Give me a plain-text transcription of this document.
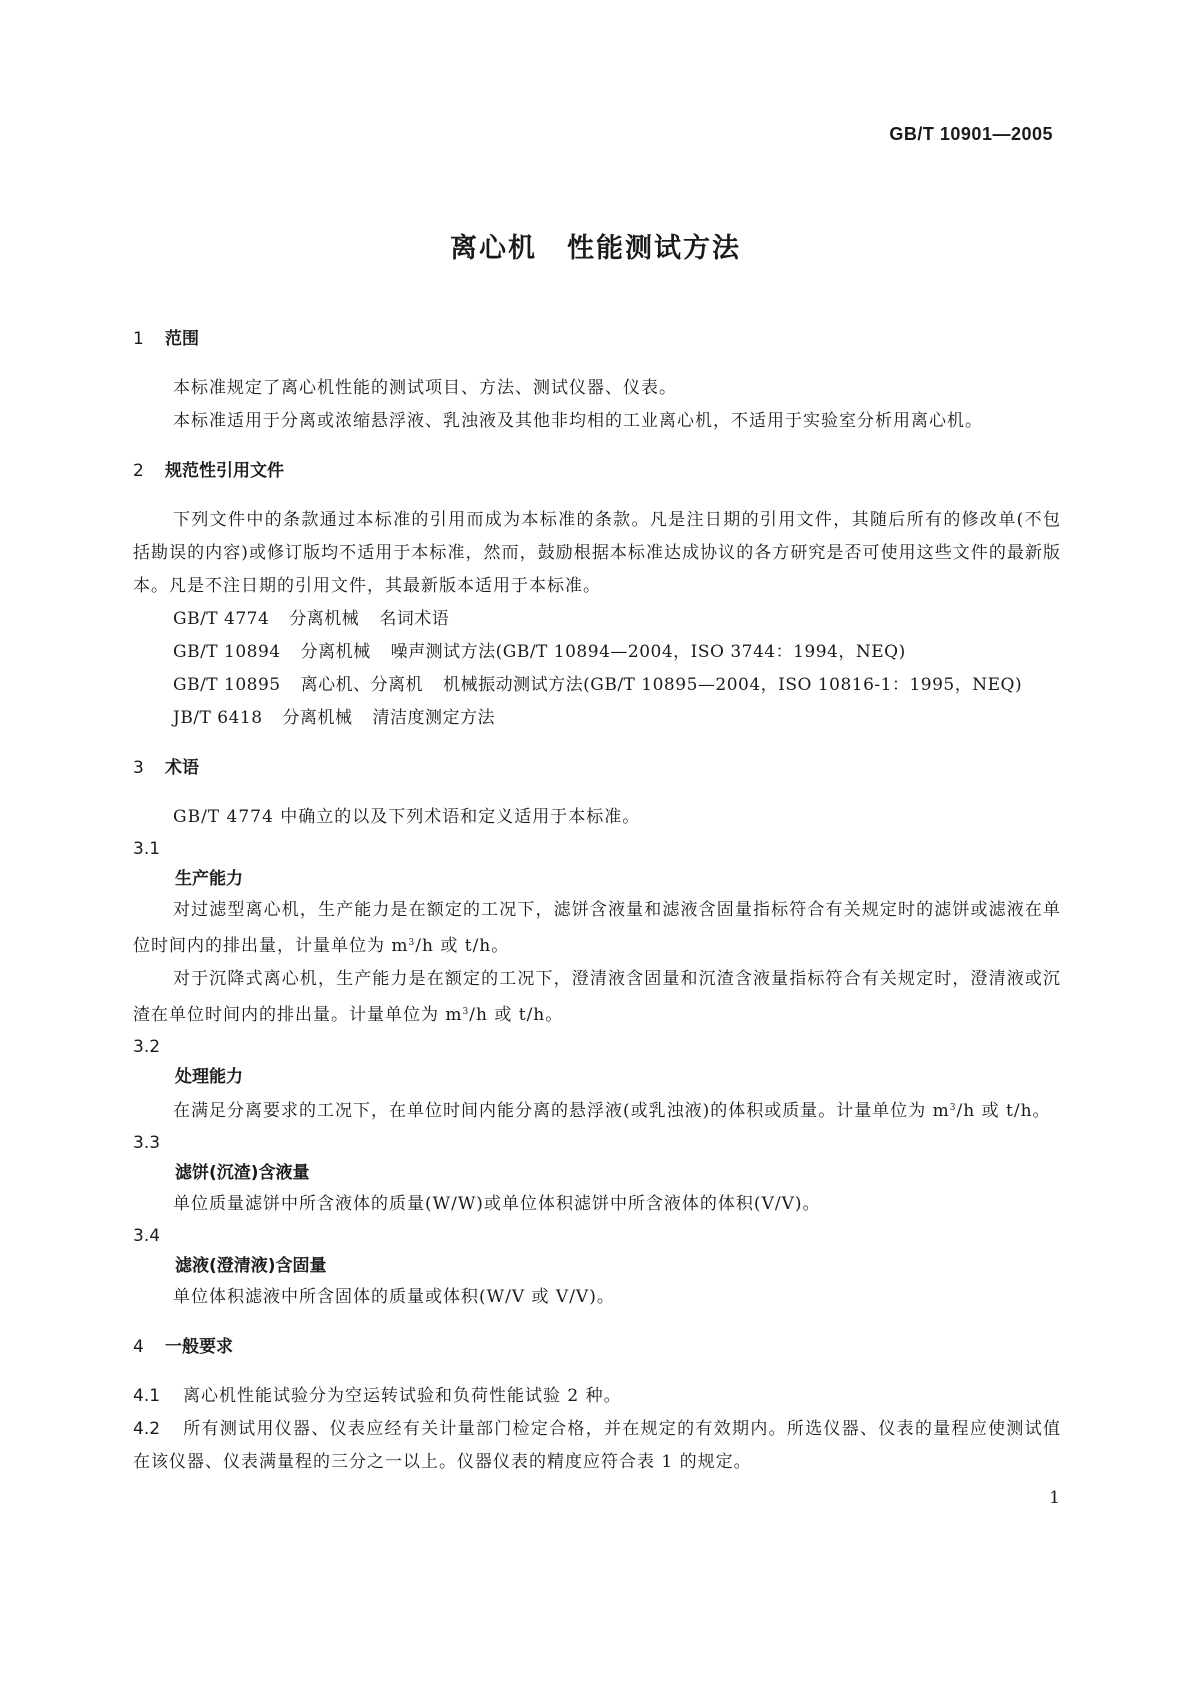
GB/T 10901—2005
离心机 性能测试方法
1 范围
本标准规定了离心机性能的测试项目、方法、测试仪器、仪表。
本标准适用于分离或浓缩悬浮液、乳浊液及其他非均相的工业离心机，不适用于实验室分析用离心机。
2 规范性引用文件
下列文件中的条款通过本标准的引用而成为本标准的条款。凡是注日期的引用文件，其随后所有的修改单(不包括勘误的内容)或修订版均不适用于本标准，然而，鼓励根据本标准达成协议的各方研究是否可使用这些文件的最新版本。凡是不注日期的引用文件，其最新版本适用于本标准。
GB/T 4774 分离机械 名词术语
GB/T 10894 分离机械 噪声测试方法(GB/T 10894—2004，ISO 3744：1994，NEQ)
GB/T 10895 离心机、分离机 机械振动测试方法(GB/T 10895—2004，ISO 10816-1：1995，NEQ)
JB/T 6418 分离机械 清洁度测定方法
3 术语
GB/T 4774 中确立的以及下列术语和定义适用于本标准。
3.1
生产能力
对过滤型离心机，生产能力是在额定的工况下，滤饼含液量和滤液含固量指标符合有关规定时的滤饼或滤液在单位时间内的排出量，计量单位为 $m^3/h$ 或 t/h。
对于沉降式离心机，生产能力是在额定的工况下，澄清液含固量和沉渣含液量指标符合有关规定时，澄清液或沉渣在单位时间内的排出量。计量单位为 $m^3/h$ 或 t/h。
3.2
处理能力
在满足分离要求的工况下，在单位时间内能分离的悬浮液(或乳浊液)的体积或质量。计量单位为 $m^3/h$ 或 t/h。
3.3
滤饼(沉渣)含液量
单位质量滤饼中所含液体的质量(W/W)或单位体积滤饼中所含液体的体积(V/V)。
3.4
滤液(澄清液)含固量
单位体积滤液中所含固体的质量或体积(W/V 或 V/V)。
4 一般要求
4.1 离心机性能试验分为空运转试验和负荷性能试验 2 种。
4.2 所有测试用仪器、仪表应经有关计量部门检定合格，并在规定的有效期内。所选仪器、仪表的量程应使测试值在该仪器、仪表满量程的三分之一以上。仪器仪表的精度应符合表 1 的规定。
1
